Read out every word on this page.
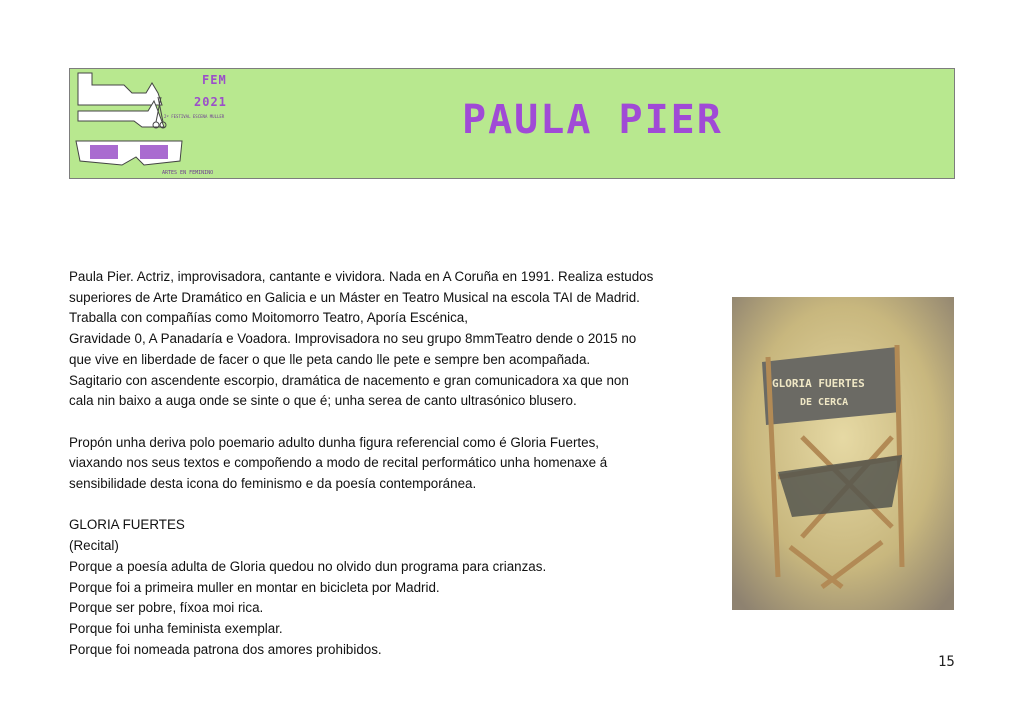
FEM
2021
2º FESTIVAL ESCENA MULLER
ARTES EN FEMININO
PAULA PIER

Paula Pier. Actriz, improvisadora, cantante e vividora. Nada en A Coruña en 1991. Realiza estudos

superiores de Arte Dramático en Galicia e un Máster en Teatro Musical na escola TAI de Madrid.

Traballa con compañías como Moitomorro Teatro, Aporía Escénica,

Gravidade 0, A Panadaría e Voadora. Improvisadora no seu grupo 8mmTeatro dende o 2015 no

que vive en liberdade de facer o que lle peta cando lle pete e sempre ben acompañada.

Sagitario con ascendente escorpio, dramática de nacemento e gran comunicadora xa que non

cala nin baixo a auga onde se sinte o que é; unha serea de canto ultrasónico blusero.

Propón unha deriva polo poemario adulto dunha figura referencial como é Gloria Fuertes,

viaxando nos seus textos e compoñendo a modo de recital performático unha homenaxe á

sensibilidade desta icona do feminismo e da poesía contemporánea.

GLORIA FUERTES

(Recital)

Porque a poesía adulta de Gloria quedou no olvido dun programa para crianzas.

Porque foi a primeira muller en montar en bicicleta por Madrid.

Porque ser pobre, fíxoa moi rica.

Porque foi unha feminista exemplar.

Porque foi nomeada patrona dos amores prohibidos.

GLORIA FUERTES
DE CERCA
15
